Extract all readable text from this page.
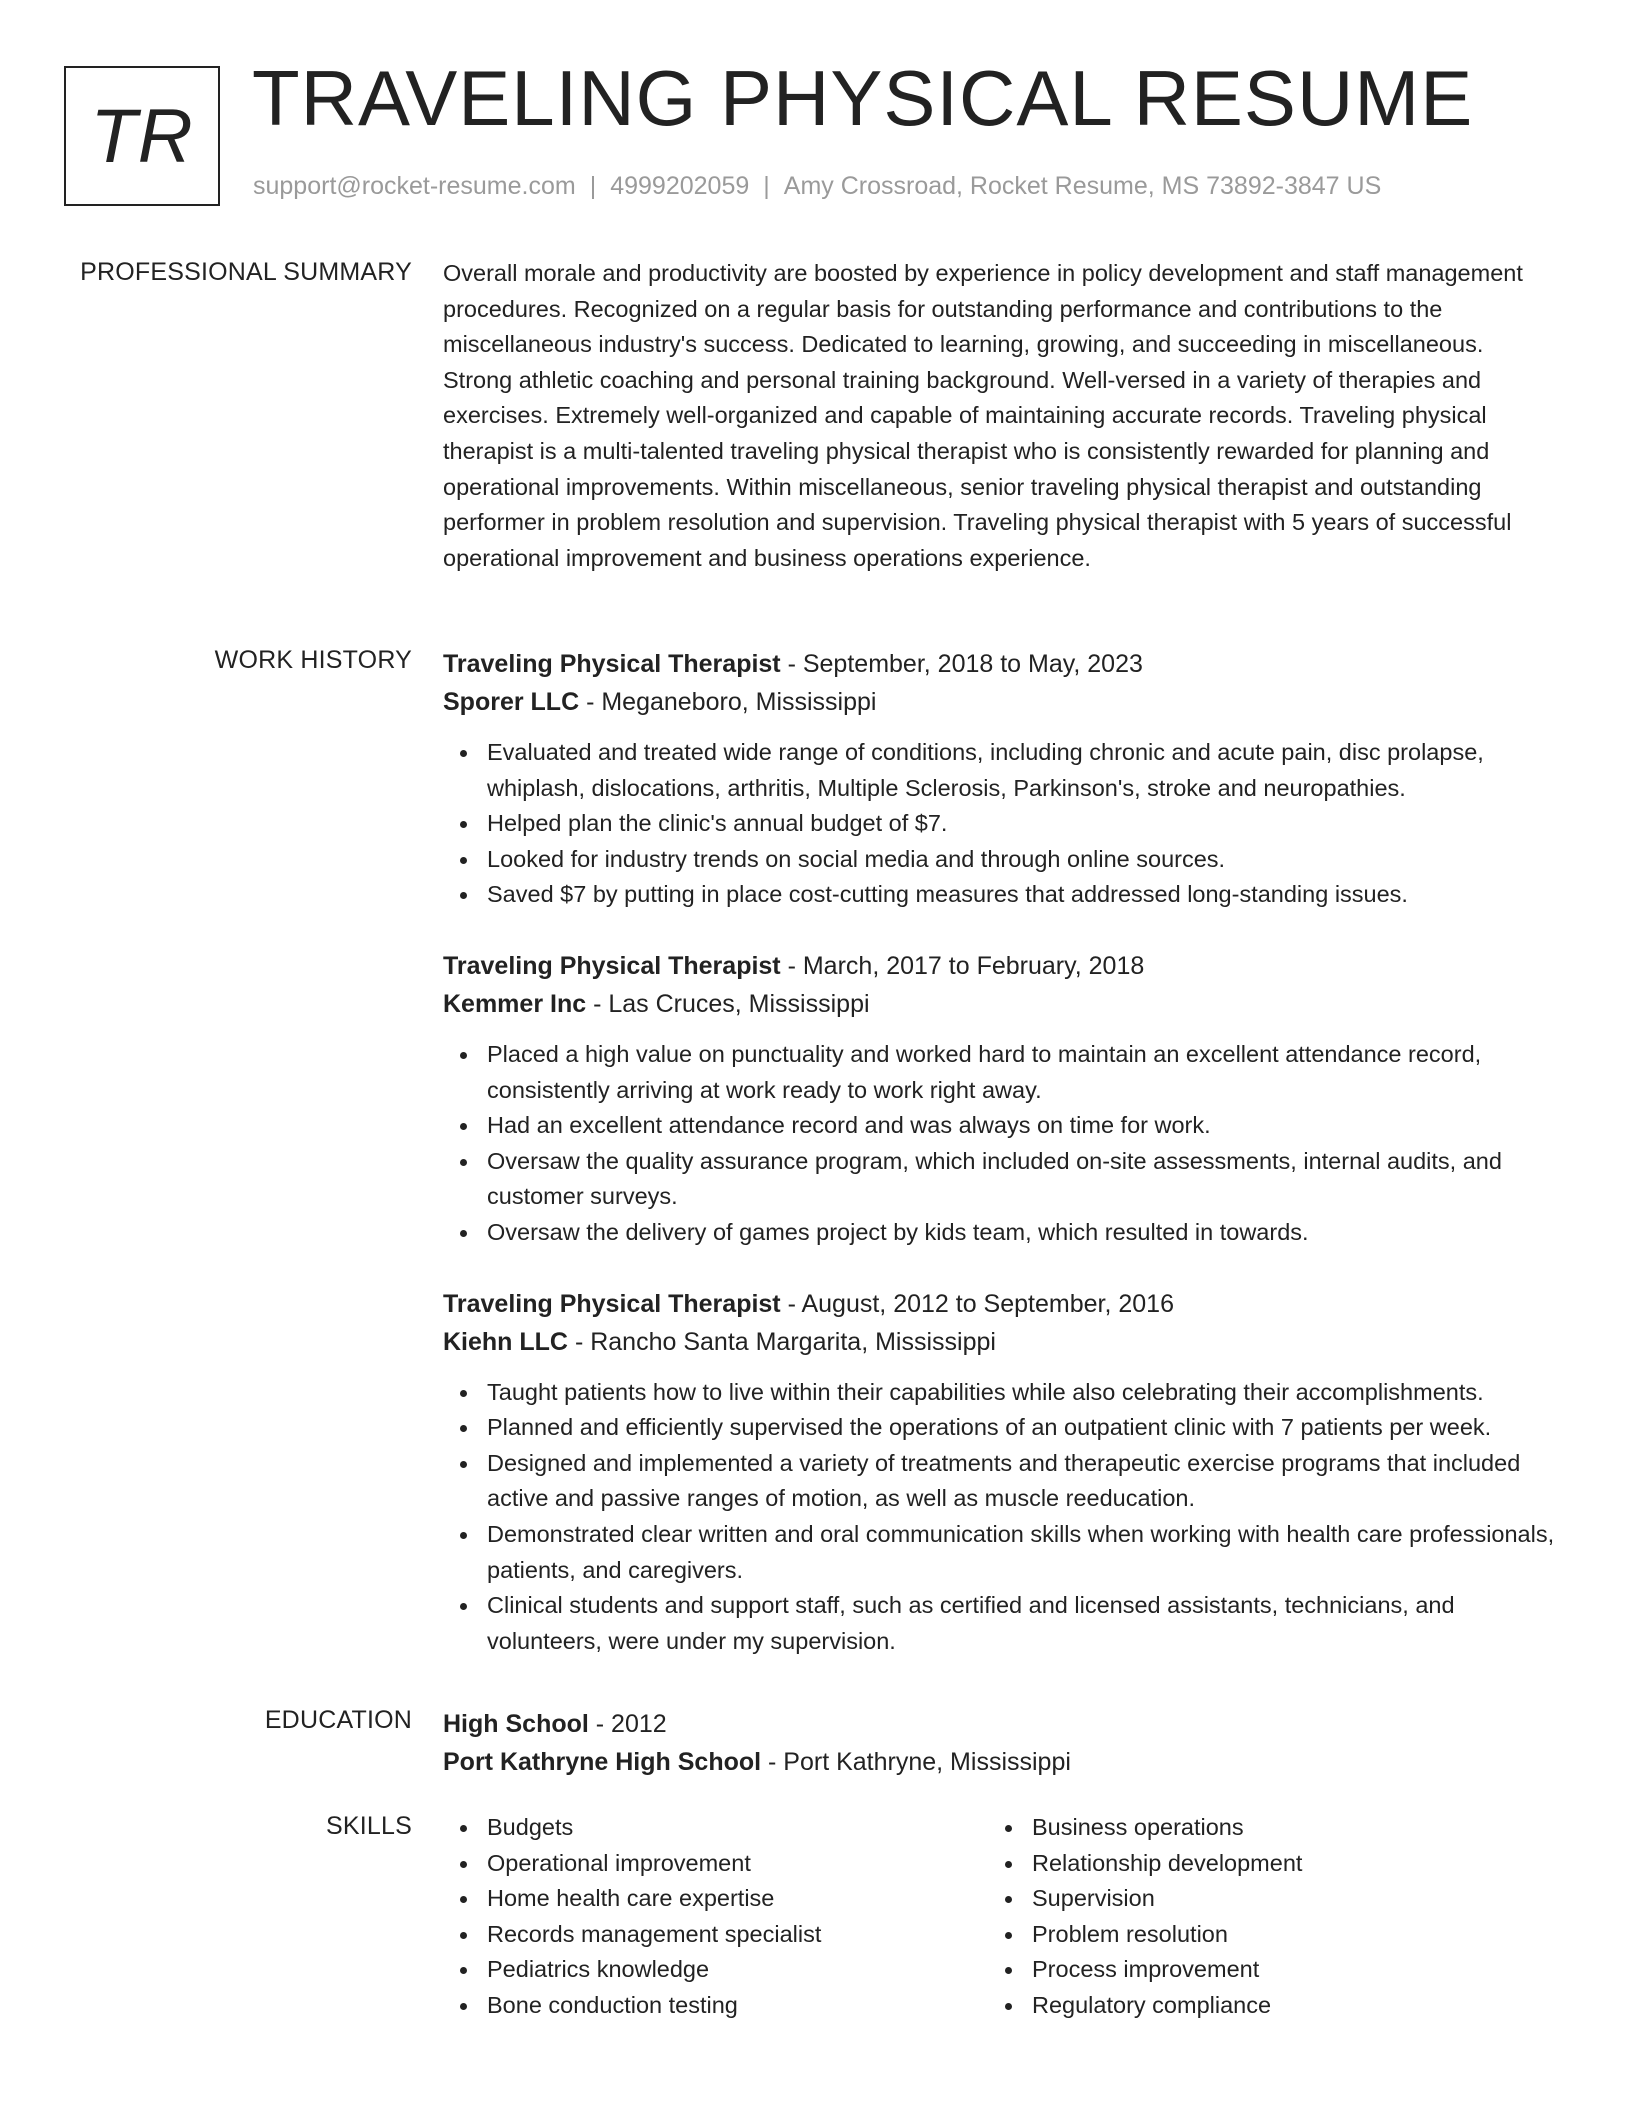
TR TRAVELING PHYSICAL RESUME
support@rocket-resume.com | 4999202059 | Amy Crossroad, Rocket Resume, MS 73892-3847 US
PROFESSIONAL SUMMARY Overall morale and productivity are boosted by experience in policy development and staff management procedures. Recognized on a regular basis for outstanding performance and contributions to the miscellaneous industry's success. Dedicated to learning, growing, and succeeding in miscellaneous. Strong athletic coaching and personal training background. Well-versed in a variety of therapies and exercises. Extremely well-organized and capable of maintaining accurate records. Traveling physical therapist is a multi-talented traveling physical therapist who is consistently rewarded for planning and operational improvements. Within miscellaneous, senior traveling physical therapist and outstanding performer in problem resolution and supervision. Traveling physical therapist with 5 years of successful operational improvement and business operations experience.

WORK HISTORY Traveling Physical Therapist - September, 2018 to May, 2023
Sporer LLC - Meganeboro, Mississippi
Evaluated and treated wide range of conditions, including chronic and acute pain, disc prolapse, whiplash, dislocations, arthritis, Multiple Sclerosis, Parkinson's, stroke and neuropathies.
Helped plan the clinic's annual budget of $7.
Looked for industry trends on social media and through online sources.
Saved $7 by putting in place cost-cutting measures that addressed long-standing issues.
Traveling Physical Therapist - March, 2017 to February, 2018
Kemmer Inc - Las Cruces, Mississippi
Placed a high value on punctuality and worked hard to maintain an excellent attendance record, consistently arriving at work ready to work right away.
Had an excellent attendance record and was always on time for work.
Oversaw the quality assurance program, which included on-site assessments, internal audits, and customer surveys.
Oversaw the delivery of games project by kids team, which resulted in towards.
Traveling Physical Therapist - August, 2012 to September, 2016
Kiehn LLC - Rancho Santa Margarita, Mississippi
Taught patients how to live within their capabilities while also celebrating their accomplishments.
Planned and efficiently supervised the operations of an outpatient clinic with 7 patients per week.
Designed and implemented a variety of treatments and therapeutic exercise programs that included active and passive ranges of motion, as well as muscle reeducation.
Demonstrated clear written and oral communication skills when working with health care professionals, patients, and caregivers.
Clinical students and support staff, such as certified and licensed assistants, technicians, and volunteers, were under my supervision.
EDUCATION High School - 2012
Port Kathryne High School - Port Kathryne, Mississippi
SKILLS	Budgets
Operational improvement
Home health care expertise
Records management specialist
Pediatrics knowledge
Bone conduction testing
Business operations
Relationship development
Supervision
Problem resolution
Process improvement
Regulatory compliance
